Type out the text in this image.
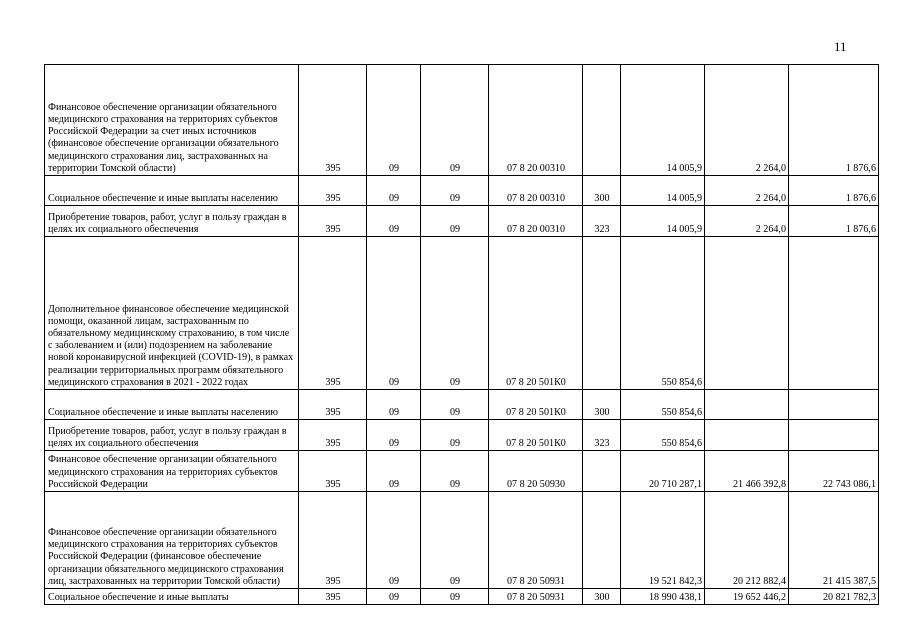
11
Финансовое обеспечение организации обязательного медицинского страхования на территориях субъектов Российской Федерации за счет иных источников (финансовое обеспечение организации обязательного медицинского страхования лиц, застрахованных на территории Томской области)	395	09	09	07 8 20 00310		14 005,9	2 264,0	1 876,6
Социальное обеспечение и иные выплаты населению	395	09	09	07 8 20 00310	300	14 005,9	2 264,0	1 876,6
Приобретение товаров, работ, услуг в пользу граждан в целях их социального обеспечения	395	09	09	07 8 20 00310	323	14 005,9	2 264,0	1 876,6
Дополнительное финансовое обеспечение медицинской помощи, оказанной лицам, застрахованным по обязательному медицинскому страхованию, в том числе с заболеванием и (или) подозрением на заболевание новой коронавирусной инфекцией (COVID-19), в рамках реализации территориальных программ обязательного медицинского страхования в 2021 - 2022 годах	395	09	09	07 8 20 501К0		550 854,6		
Социальное обеспечение и иные выплаты населению	395	09	09	07 8 20 501К0	300	550 854,6		
Приобретение товаров, работ, услуг в пользу граждан в целях их социального обеспечения	395	09	09	07 8 20 501К0	323	550 854,6		
Финансовое обеспечение организации обязательного медицинского страхования на территориях субъектов Российской Федерации	395	09	09	07 8 20 50930		20 710 287,1	21 466 392,8	22 743 086,1
Финансовое обеспечение организации обязательного медицинского страхования на территориях субъектов Российской Федерации (финансовое обеспечение организации обязательного медицинского страхования лиц, застрахованных на территории Томской области)	395	09	09	07 8 20 50931		19 521 842,3	20 212 882,4	21 415 387,5
Социальное обеспечение и иные выплаты	395	09	09	07 8 20 50931	300	18 990 438,1	19 652 446,2	20 821 782,3
